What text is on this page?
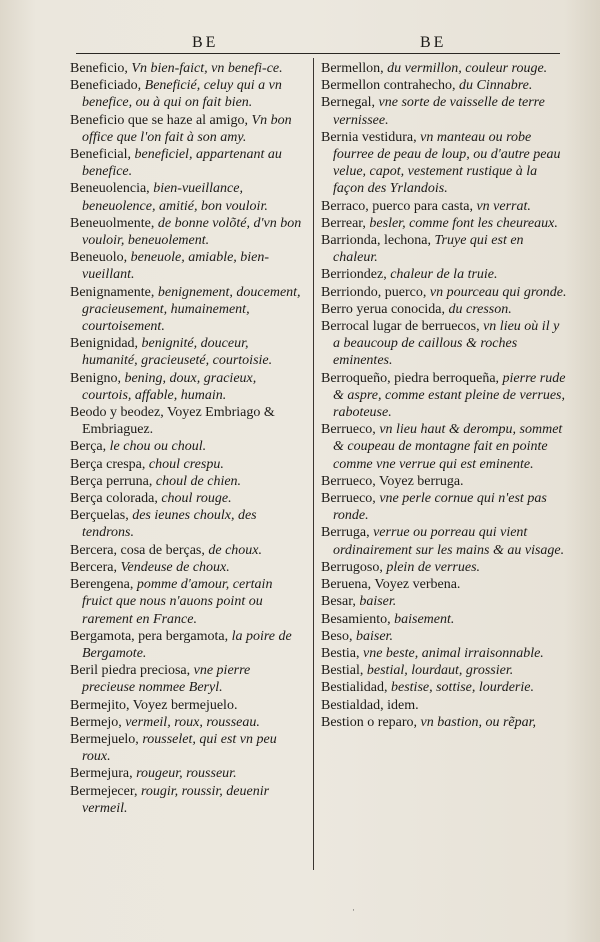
BE	BE
Beneficio, Vn bien-faict, vn benefi-ce.
Beneficiado, Beneficié, celuy qui a vn benefice, ou à qui on fait bien.
Beneficio que se haze al amigo, Vn bon office que l'on fait à son amy.
Beneficial, beneficiel, appartenant au benefice.
Beneuolencia, bien-vueillance, beneuolence, amitié, bon vouloir.
Beneuolmente, de bonne volõté, d'vn bon vouloir, beneuolement.
Beneuolo, beneuole, amiable, bien-vueillant.
Benignamente, benignement, doucement, gracieusement, humainement, courtoisement.
Benignidad, benignité, douceur, humanité, gracieuseté, courtoisie.
Benigno, bening, doux, gracieux, courtois, affable, humain.
Beodo y beodez, Voyez Embriago & Embriaguez.
Berça, le chou ou choul.
Berça crespa, choul crespu.
Berça perruna, choul de chien.
Berça colorada, choul rouge.
Berçuelas, des ieunes choulx, des tendrons.
Bercera, cosa de berças, de choux.
Bercera, Vendeuse de choux.
Berengena, pomme d'amour, certain fruict que nous n'auons point ou rarement en France.
Bergamota, pera bergamota, la poire de Bergamote.
Beril piedra preciosa, vne pierre precieuse nommee Beryl.
Bermejito, Voyez bermejuelo.
Bermejo, vermeil, roux, rousseau.
Bermejuelo, rousselet, qui est vn peu roux.
Bermejura, rougeur, rousseur.
Bermejecer, rougir, roussir, deuenir vermeil.
Bermellon, du vermillon, couleur rouge.
Bermellon contrahecho, du Cinnabre.
Bernegal, vne sorte de vaisselle de terre vernissee.
Bernia vestidura, vn manteau ou robe fourree de peau de loup, ou d'autre peau velue, capot, vestement rustique à la façon des Yrlandois.
Berraco, puerco para casta, vn verrat.
Berrear, besler, comme font les cheureaux.
Barrionda, lechona, Truye qui est en chaleur.
Berriondez, chaleur de la truie.
Berriondo, puerco, vn pourceau qui gronde.
Berro yerua conocida, du cresson.
Berrocal lugar de berruecos, vn lieu où il y a beaucoup de caillous & roches eminentes.
Berroqueño, piedra berroqueña, pierre rude & aspre, comme estant pleine de verrues, raboteuse.
Berrueco, vn lieu haut & derompu, sommet & coupeau de montagne fait en pointe comme vne verrue qui est eminente.
Berrueco, Voyez berruga.
Berrueco, vne perle cornue qui n'est pas ronde.
Berruga, verrue ou porreau qui vient ordinairement sur les mains & au visage.
Berrugoso, plein de verrues.
Beruena, Voyez verbena.
Besar, baiser.
Besamiento, baisement.
Beso, baiser.
Bestia, vne beste, animal irraisonnable.
Bestial, bestial, lourdaut, grossier.
Bestialidad, bestise, sottise, lourderie.
Bestialdad, idem.
Bestion o reparo, vn bastion, ou rẽpar,
·
